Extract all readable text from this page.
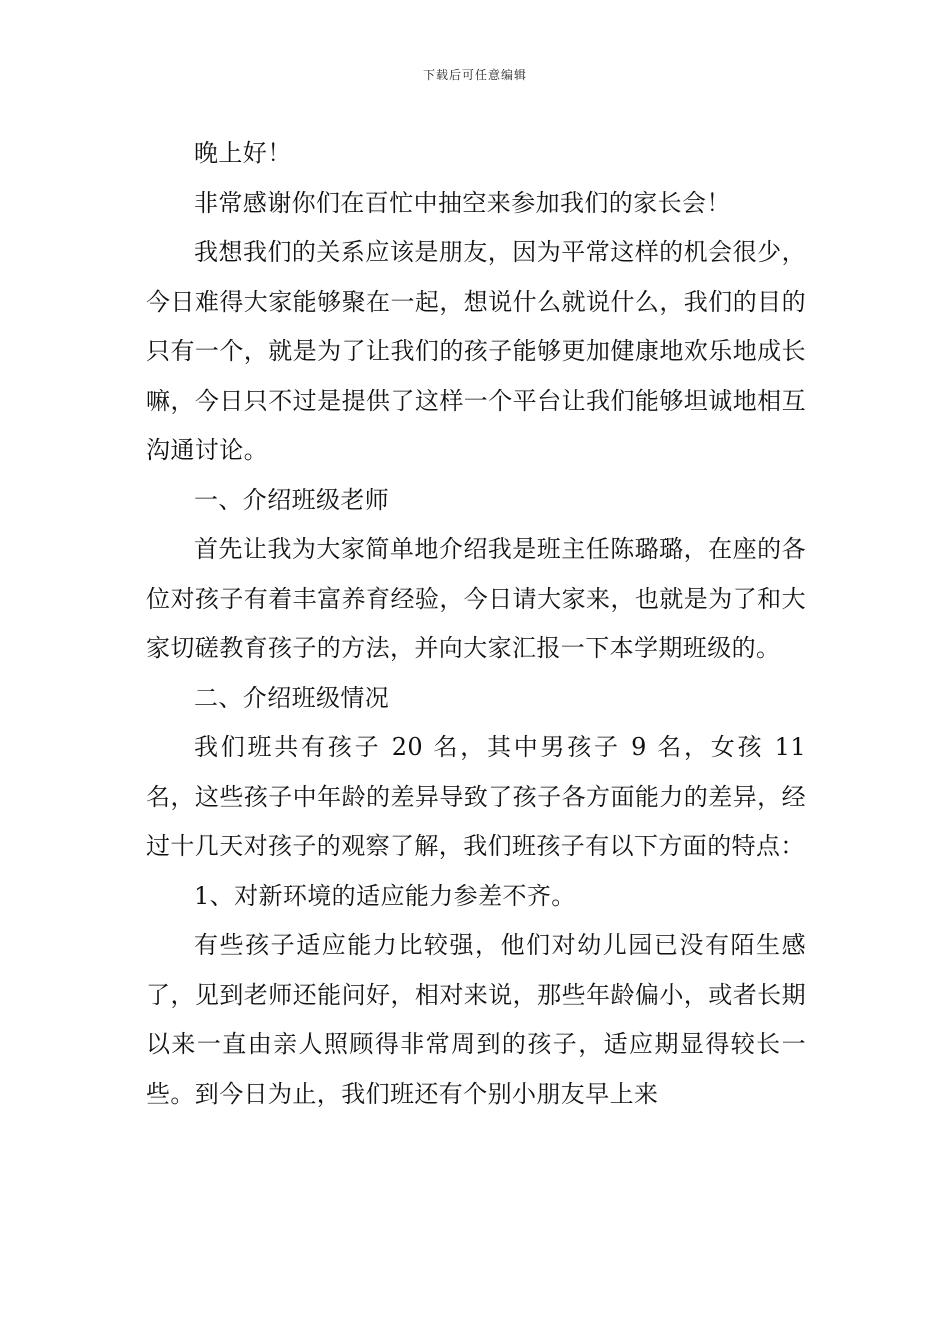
下载后可任意编辑

晚上好！

非常感谢你们在百忙中抽空来参加我们的家长会！

我想我们的关系应该是朋友，因为平常这样的机会很少，今日难得大家能够聚在一起，想说什么就说什么，我们的目的只有一个，就是为了让我们的孩子能够更加健康地欢乐地成长嘛，今日只不过是提供了这样一个平台让我们能够坦诚地相互沟通讨论。

一、介绍班级老师

首先让我为大家简单地介绍我是班主任陈璐璐，在座的各位对孩子有着丰富养育经验，今日请大家来，也就是为了和大家切磋教育孩子的方法，并向大家汇报一下本学期班级的。

二、介绍班级情况

我们班共有孩子 20 名，其中男孩子 9 名，女孩 11 名，这些孩子中年龄的差异导致了孩子各方面能力的差异，经过十几天对孩子的观察了解，我们班孩子有以下方面的特点：

1、对新环境的适应能力参差不齐。

有些孩子适应能力比较强，他们对幼儿园已没有陌生感了，见到老师还能问好，相对来说，那些年龄偏小，或者长期以来一直由亲人照顾得非常周到的孩子，适应期显得较长一些。到今日为止，我们班还有个别小朋友早上来
